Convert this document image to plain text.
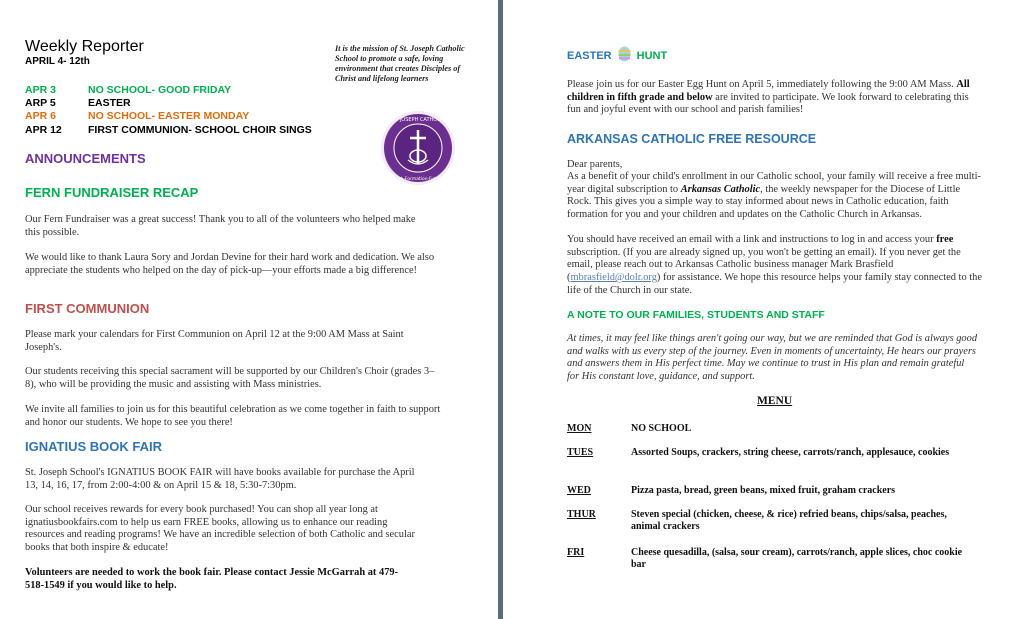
Weekly Reporter
APRIL 4- 12th
APR 3	NO SCHOOL- GOOD FRIDAY
ARP 5	EASTER
APR 6	NO SCHOOL- EASTER MONDAY
APR 12 FIRST COMMUNION- SCHOOL CHOIR SINGS
It is the mission of St. Joseph Catholic School to promote a safe, loving environment that creates Disciples of Christ and lifelong learners
ST. JOSEPH CATHOLIC
Faith·Formation·Future
ANNOUNCEMENTS
FERN FUNDRAISER RECAP
Our Fern Fundraiser was a great success! Thank you to all of the volunteers who helped make this possible.
We would like to thank Laura Sory and Jordan Devine for their hard work and dedication. We also appreciate the students who helped on the day of pick-up—your efforts made a big difference!
FIRST COMMUNION
Please mark your calendars for First Communion on April 12 at the 9:00 AM Mass at Saint Joseph's.
Our students receiving this special sacrament will be supported by our Children's Choir (grades 3–8), who will be providing the music and assisting with Mass ministries.
We invite all families to join us for this beautiful celebration as we come together in faith to support and honor our students. We hope to see you there!
IGNATIUS BOOK FAIR
St. Joseph School's IGNATIUS BOOK FAIR will have books available for purchase the April 13, 14, 16, 17, from 2:00-4:00 & on April 15 & 18, 5:30-7:30pm.
Our school receives rewards for every book purchased! You can shop all year long at ignatiusbookfairs.com to help us earn FREE books, allowing us to enhance our reading resources and reading programs! We have an incredible selection of both Catholic and secular books that both inspire & educate!
Volunteers are needed to work the book fair. Please contact Jessie McGarrah at 479-518-1549 if you would like to help.
EASTER HUNT
Please join us for our Easter Egg Hunt on April 5, immediately following the 9:00 AM Mass. All children in fifth grade and below are invited to participate. We look forward to celebrating this fun and joyful event with our school and parish families!
ARKANSAS CATHOLIC FREE RESOURCE
Dear parents,
As a benefit of your child's enrollment in our Catholic school, your family will receive a free multi-year digital subscription to Arkansas Catholic, the weekly newspaper for the Diocese of Little Rock. This gives you a simple way to stay informed about news in Catholic education, faith formation for you and your children and updates on the Catholic Church in Arkansas.
You should have received an email with a link and instructions to log in and access your free subscription. (If you are already signed up, you won't be getting an email). If you never get the email, please reach out to Arkansas Catholic business manager Mark Brasfield (mbrasfield@dolr.org) for assistance. We hope this resource helps your family stay connected to the life of the Church in our state.
A NOTE TO OUR FAMILIES, STUDENTS AND STAFF
At times, it may feel like things aren't going our way, but we are reminded that God is always good and walks with us every step of the journey. Even in moments of uncertainty, He hears our prayers and answers them in His perfect time. May we continue to trust in His plan and remain grateful for His constant love, guidance, and support.
MENU
MON	NO SCHOOL
TUES	Assorted Soups, crackers, string cheese, carrots/ranch, applesauce, cookies
WED	Pizza pasta, bread, green beans, mixed fruit, graham crackers
THUR	Steven special (chicken, cheese, & rice) refried beans, chips/salsa, peaches, animal crackers
FRI	Cheese quesadilla, (salsa, sour cream), carrots/ranch, apple slices, choc cookie bar
